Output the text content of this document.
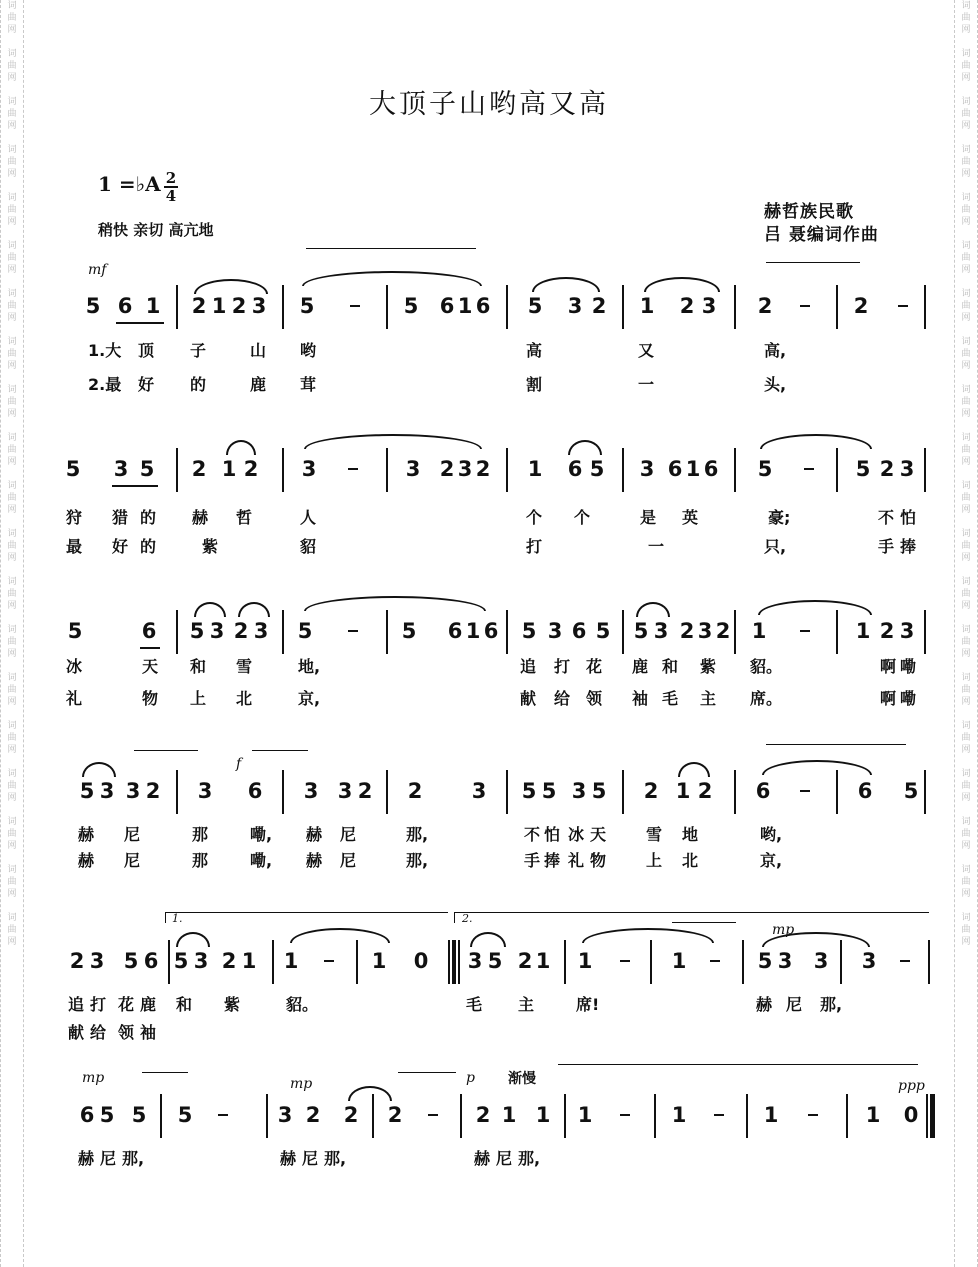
词
曲
网

词
曲
网

词
曲
网

词
曲
网

词
曲
网

词
曲
网

词
曲
网

词
曲
网

词
曲
网

词
曲
网

词
曲
网

词
曲
网

词
曲
网

词
曲
网

词
曲
网

词
曲
网

词
曲
网

词
曲
网

词
曲
网

词
曲
网

词
曲
网

词
曲
网

词
曲
网

词
曲
网

词
曲
网

词
曲
网

词
曲
网

词
曲
网

词
曲
网

词
曲
网

词
曲
网

词
曲
网

词
曲
网

词
曲
网

词
曲
网

词
曲
网

词
曲
网

词
曲
网

词
曲
网

词
曲
网

大顶子山哟高又高
1 =♭A 2
4
稍快 亲切 高亢地
赫哲族民歌
吕 聂编词作曲
mf
5 6 1 2 1 2 3 5	5 6 1 6 5 3 2 1 2 3 2	2
1.大 顶 子	山 哟	高	又	高,
2.最 好 的	鹿 茸	割	一	头,
5 3 5 2 1 2 3	3 2 3 2 1 6 5 3 6 1 6 5	5 2 3
狩 猎 的 赫 哲	人	个 个	是 英	豪;	不 怕
最 好 的	紫	貂	打	一	只,	手 捧
5	6 5 3 2 3 5	5 6 1 6 5 3 6 5 5 3 2 3 2 1	1 2 3
冰	天 和 雪	地,	追 打 花 鹿 和 紫 貂。	啊 嘞
礼	物 上 北	京,	献 给 领 袖 毛 主 席。	啊 嘞
f
5 3 3 2 3 6 3 3 2 2 3 5 5 3 5 2 1 2 6	6 5
赫 尼	那	嘞, 赫 尼	那,	不 怕 冰 天 雪 地	哟,
赫 尼	那	嘞, 赫 尼	那,	手 捧 礼 物 上 北	京,
1.	2.
mp
2 3 5 6 5 3 2 1 1	1 0 3 5 2 1 1	1	5 3 3 3
追 打 花 鹿 和 紫	貂。	毛 主	席!	赫 尼 那,
献 给 领 袖
mp	mp	p 渐慢	ppp
6 5 5 5	3 2 2 2	2 1 1 1	1	1	1 0
赫 尼 那,	赫 尼 那,	赫 尼 那,
